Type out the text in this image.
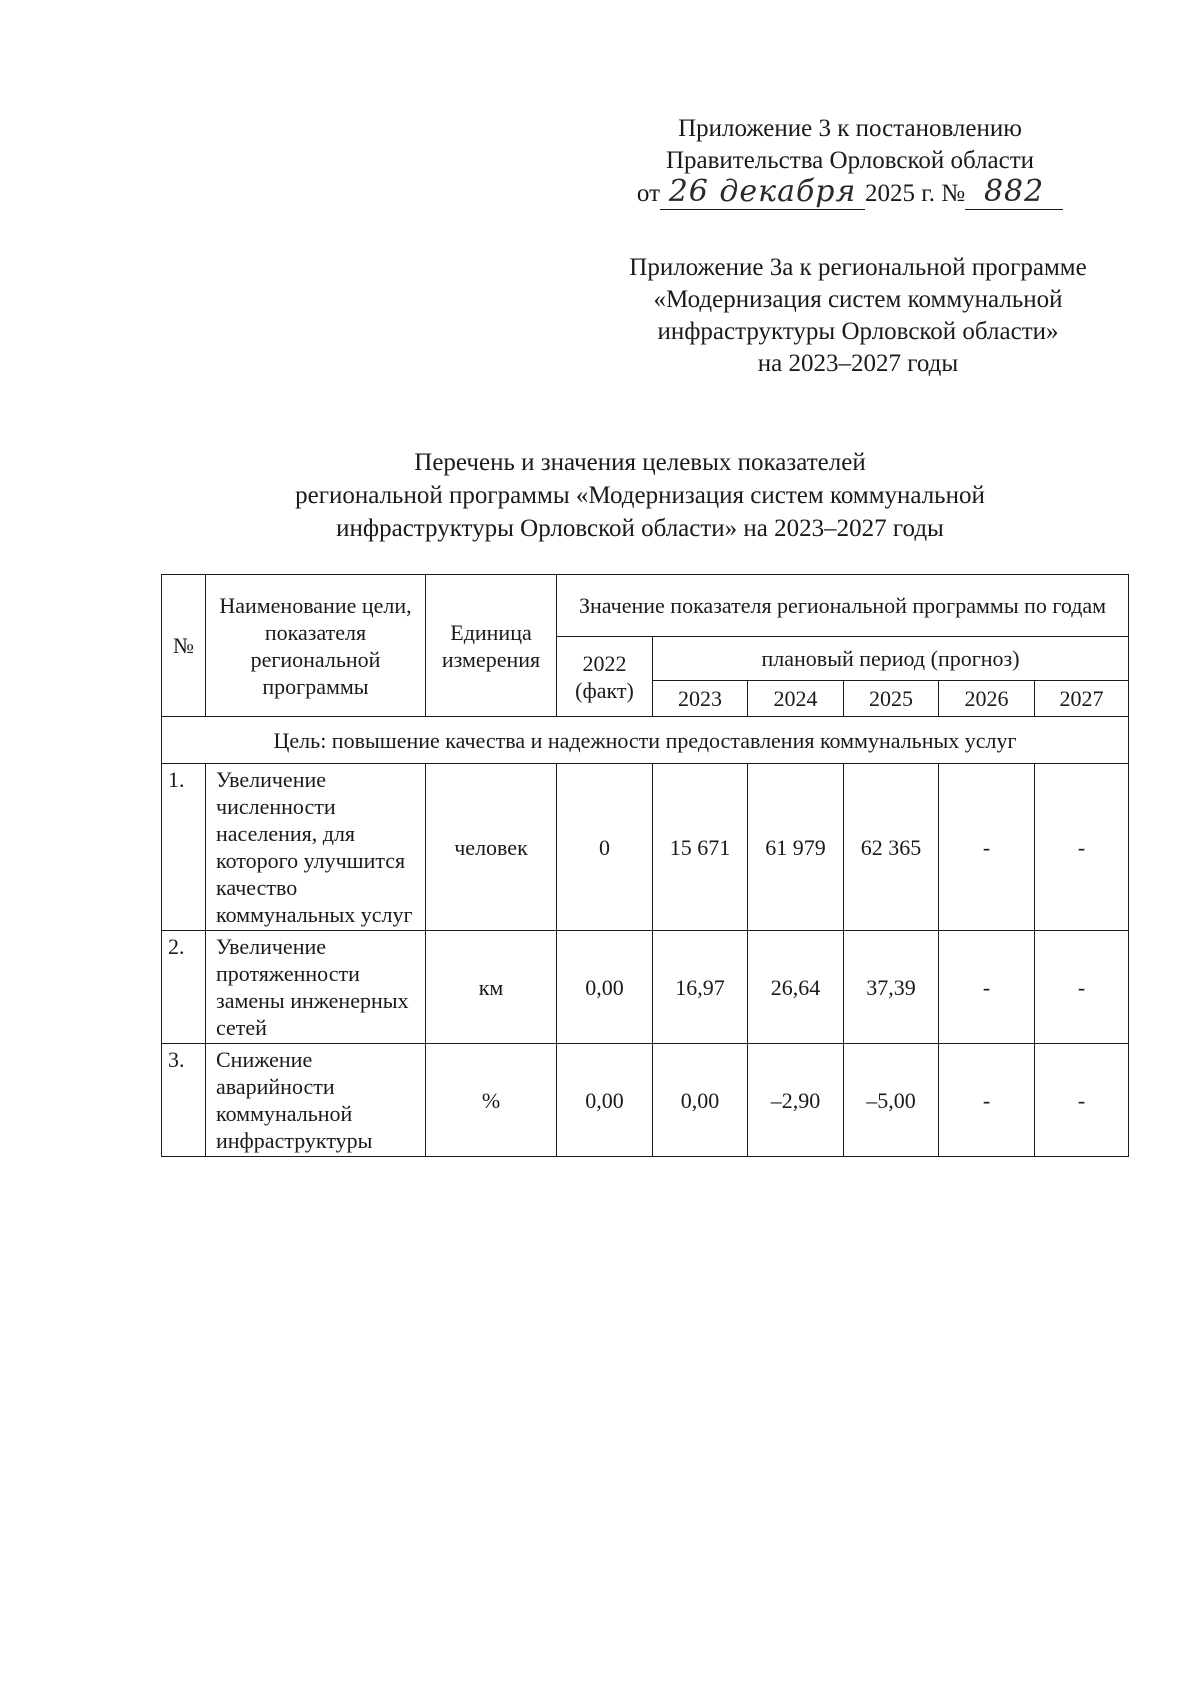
Приложение 3 к постановлению
Правительства Орловской области
от 26 декабря 2025 г. № 882
Приложение 3а к региональной программе
«Модернизация систем коммунальной
инфраструктуры Орловской области»
на 2023–2027 годы
Перечень и значения целевых показателей
региональной программы «Модернизация систем коммунальной
инфраструктуры Орловской области» на 2023–2027 годы
№	Наименование цели, показателя региональной программы	Единица измерения	Значение показателя региональной программы по годам					
			2022 (факт)	плановый период (прогноз)				
				2023	2024	2025	2026	2027
Цель: повышение качества и надежности предоставления коммунальных услуг								
1.	Увеличение численности населения, для которого улучшится качество коммунальных услуг	человек	0	15 671	61 979	62 365	-	-
2.	Увеличение протяженности замены инженерных сетей	км	0,00	16,97	26,64	37,39	-	-
3.	Снижение аварийности коммунальной инфраструктуры	%	0,00	0,00	–2,90	–5,00	-	-
